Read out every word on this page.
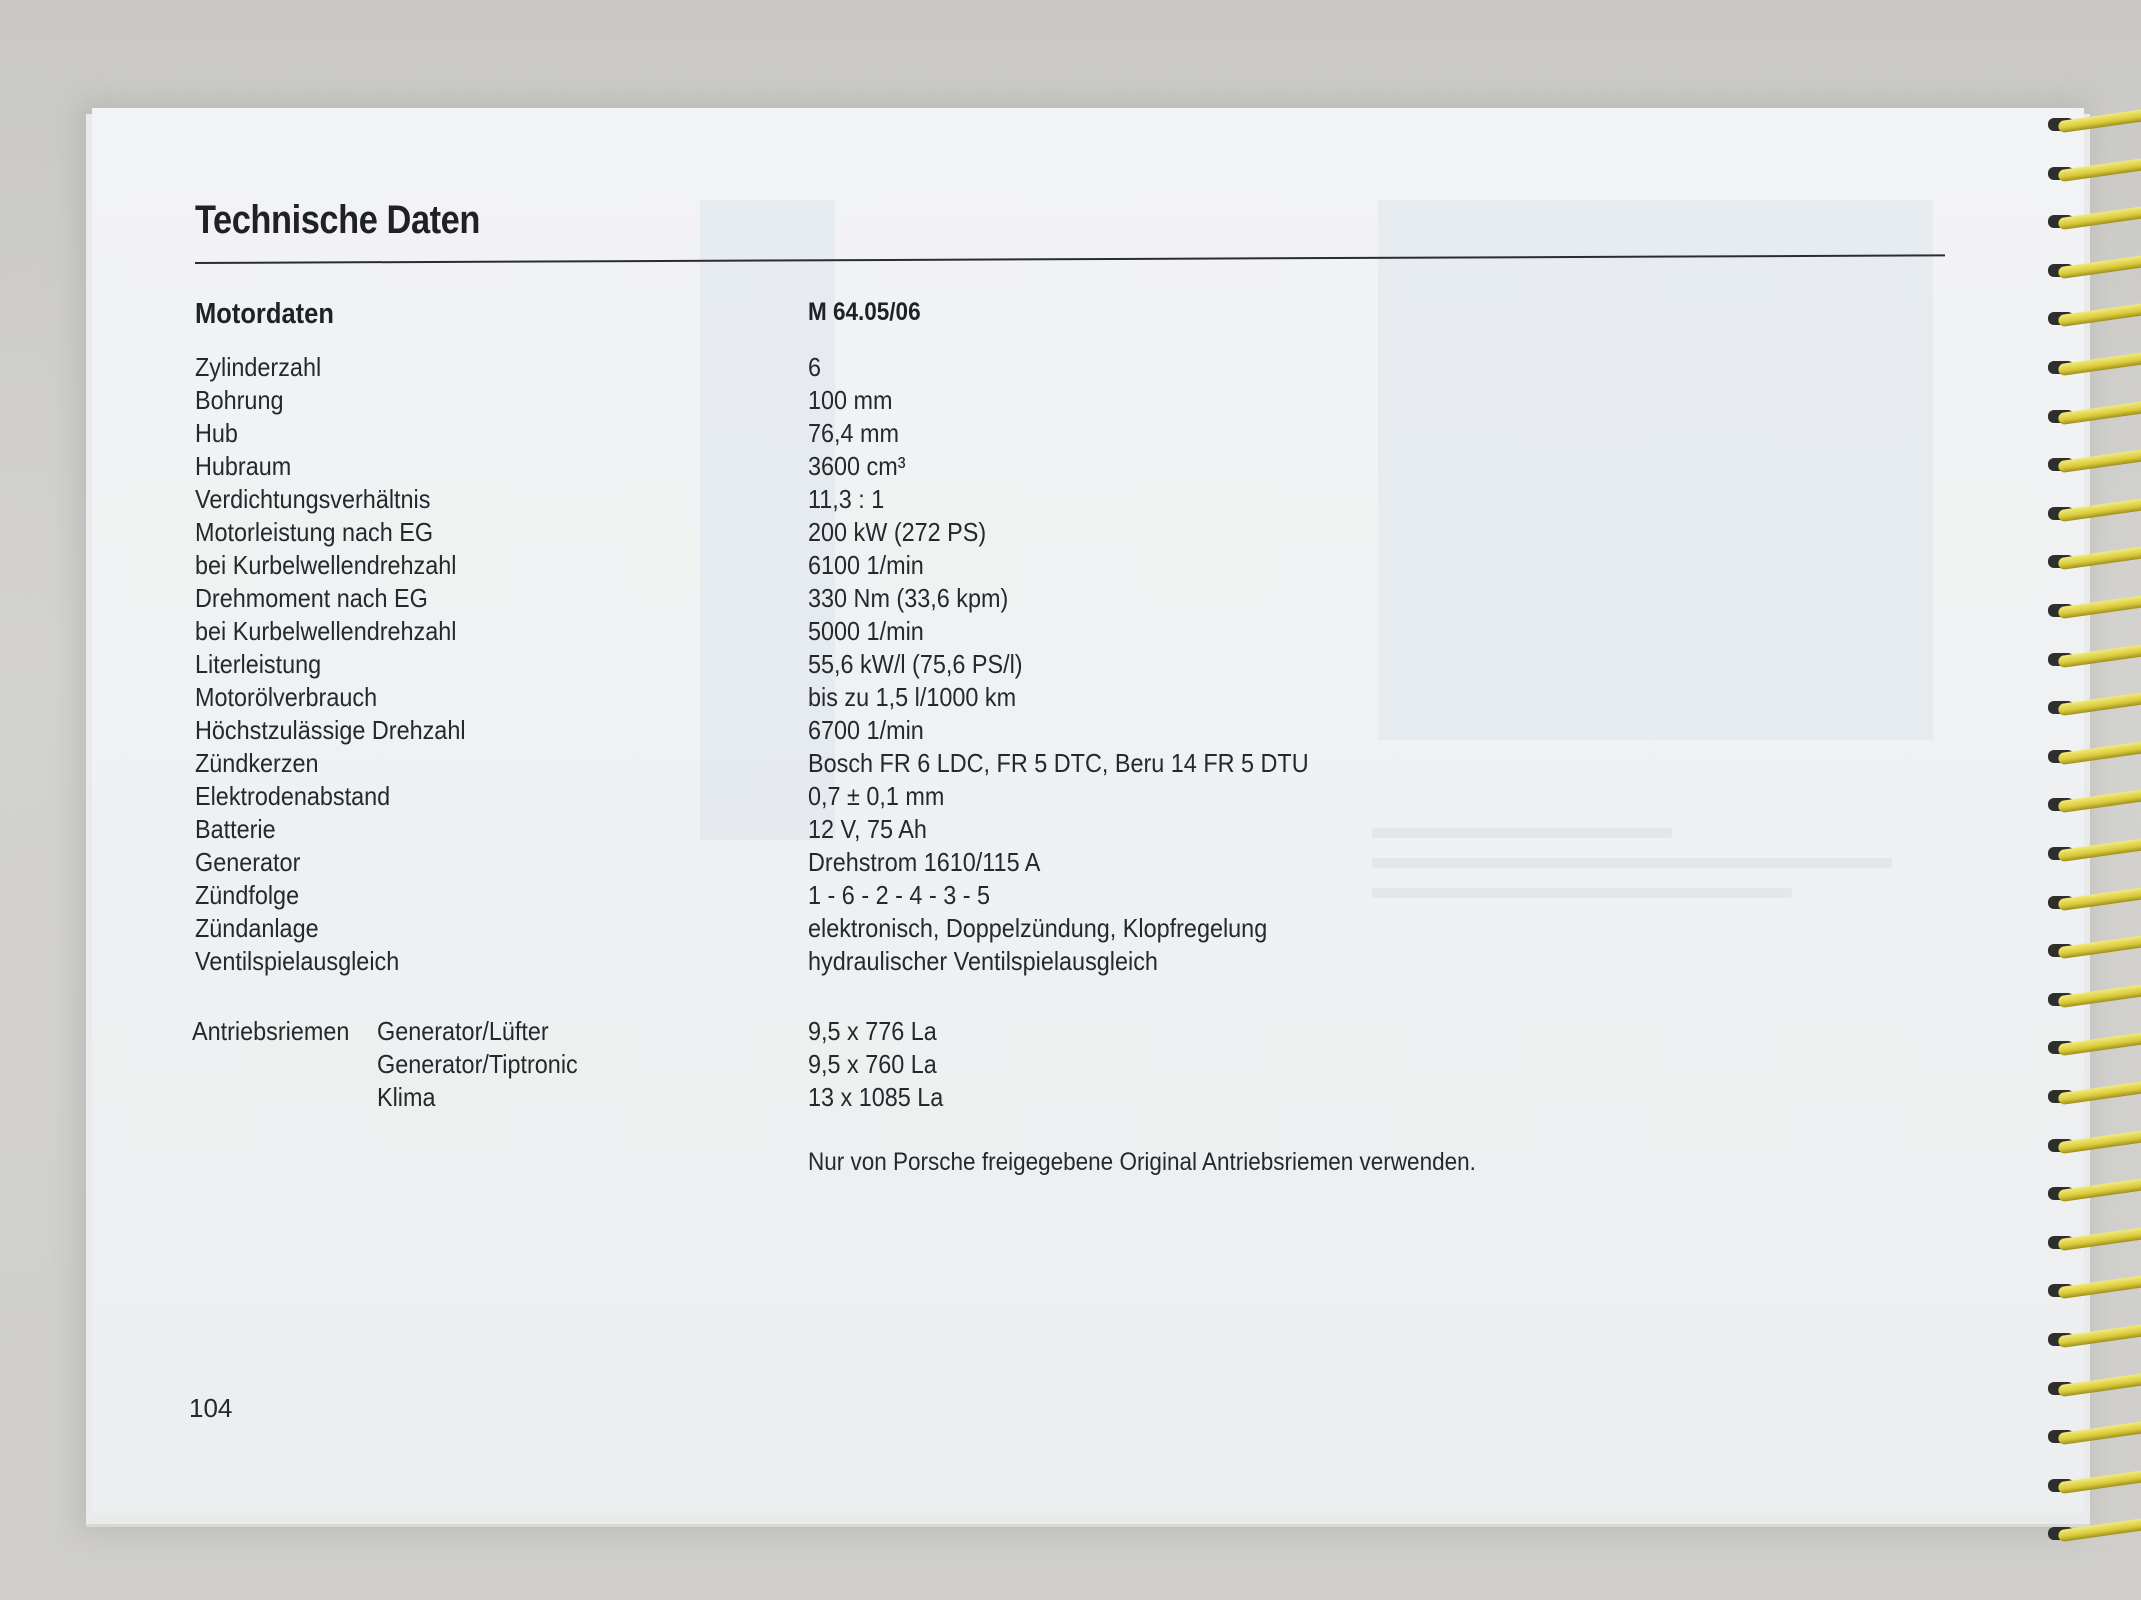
Technische Daten
Motordaten	M 64.05/06
Zylinderzahl	6
Bohrung	100 mm
Hub	76,4 mm
Hubraum	3600 cm³
Verdichtungsverhältnis	11,3 : 1
Motorleistung nach EG	200 kW (272 PS)
bei Kurbelwellendrehzahl	6100 1/min
Drehmoment nach EG	330 Nm (33,6 kpm)
bei Kurbelwellendrehzahl	5000 1/min
Literleistung	55,6 kW/l (75,6 PS/l)
Motorölverbrauch	bis zu 1,5 l/1000 km
Höchstzulässige Drehzahl	6700 1/min
Zündkerzen	Bosch FR 6 LDC, FR 5 DTC, Beru 14 FR 5 DTU
Elektrodenabstand	0,7 ± 0,1 mm
Batterie	12 V, 75 Ah
Generator	Drehstrom 1610/115 A
Zündfolge	1 - 6 - 2 - 4 - 3 - 5
Zündanlage	elektronisch, Doppelzündung, Klopfregelung
Ventilspielausgleich	hydraulischer Ventilspielausgleich
Antriebsriemen Generator/Lüfter	9,5 x 776 La
Generator/Tiptronic	9,5 x 760 La
Klima	13 x 1085 La
Nur von Porsche freigegebene Original Antriebsriemen verwenden.
104
